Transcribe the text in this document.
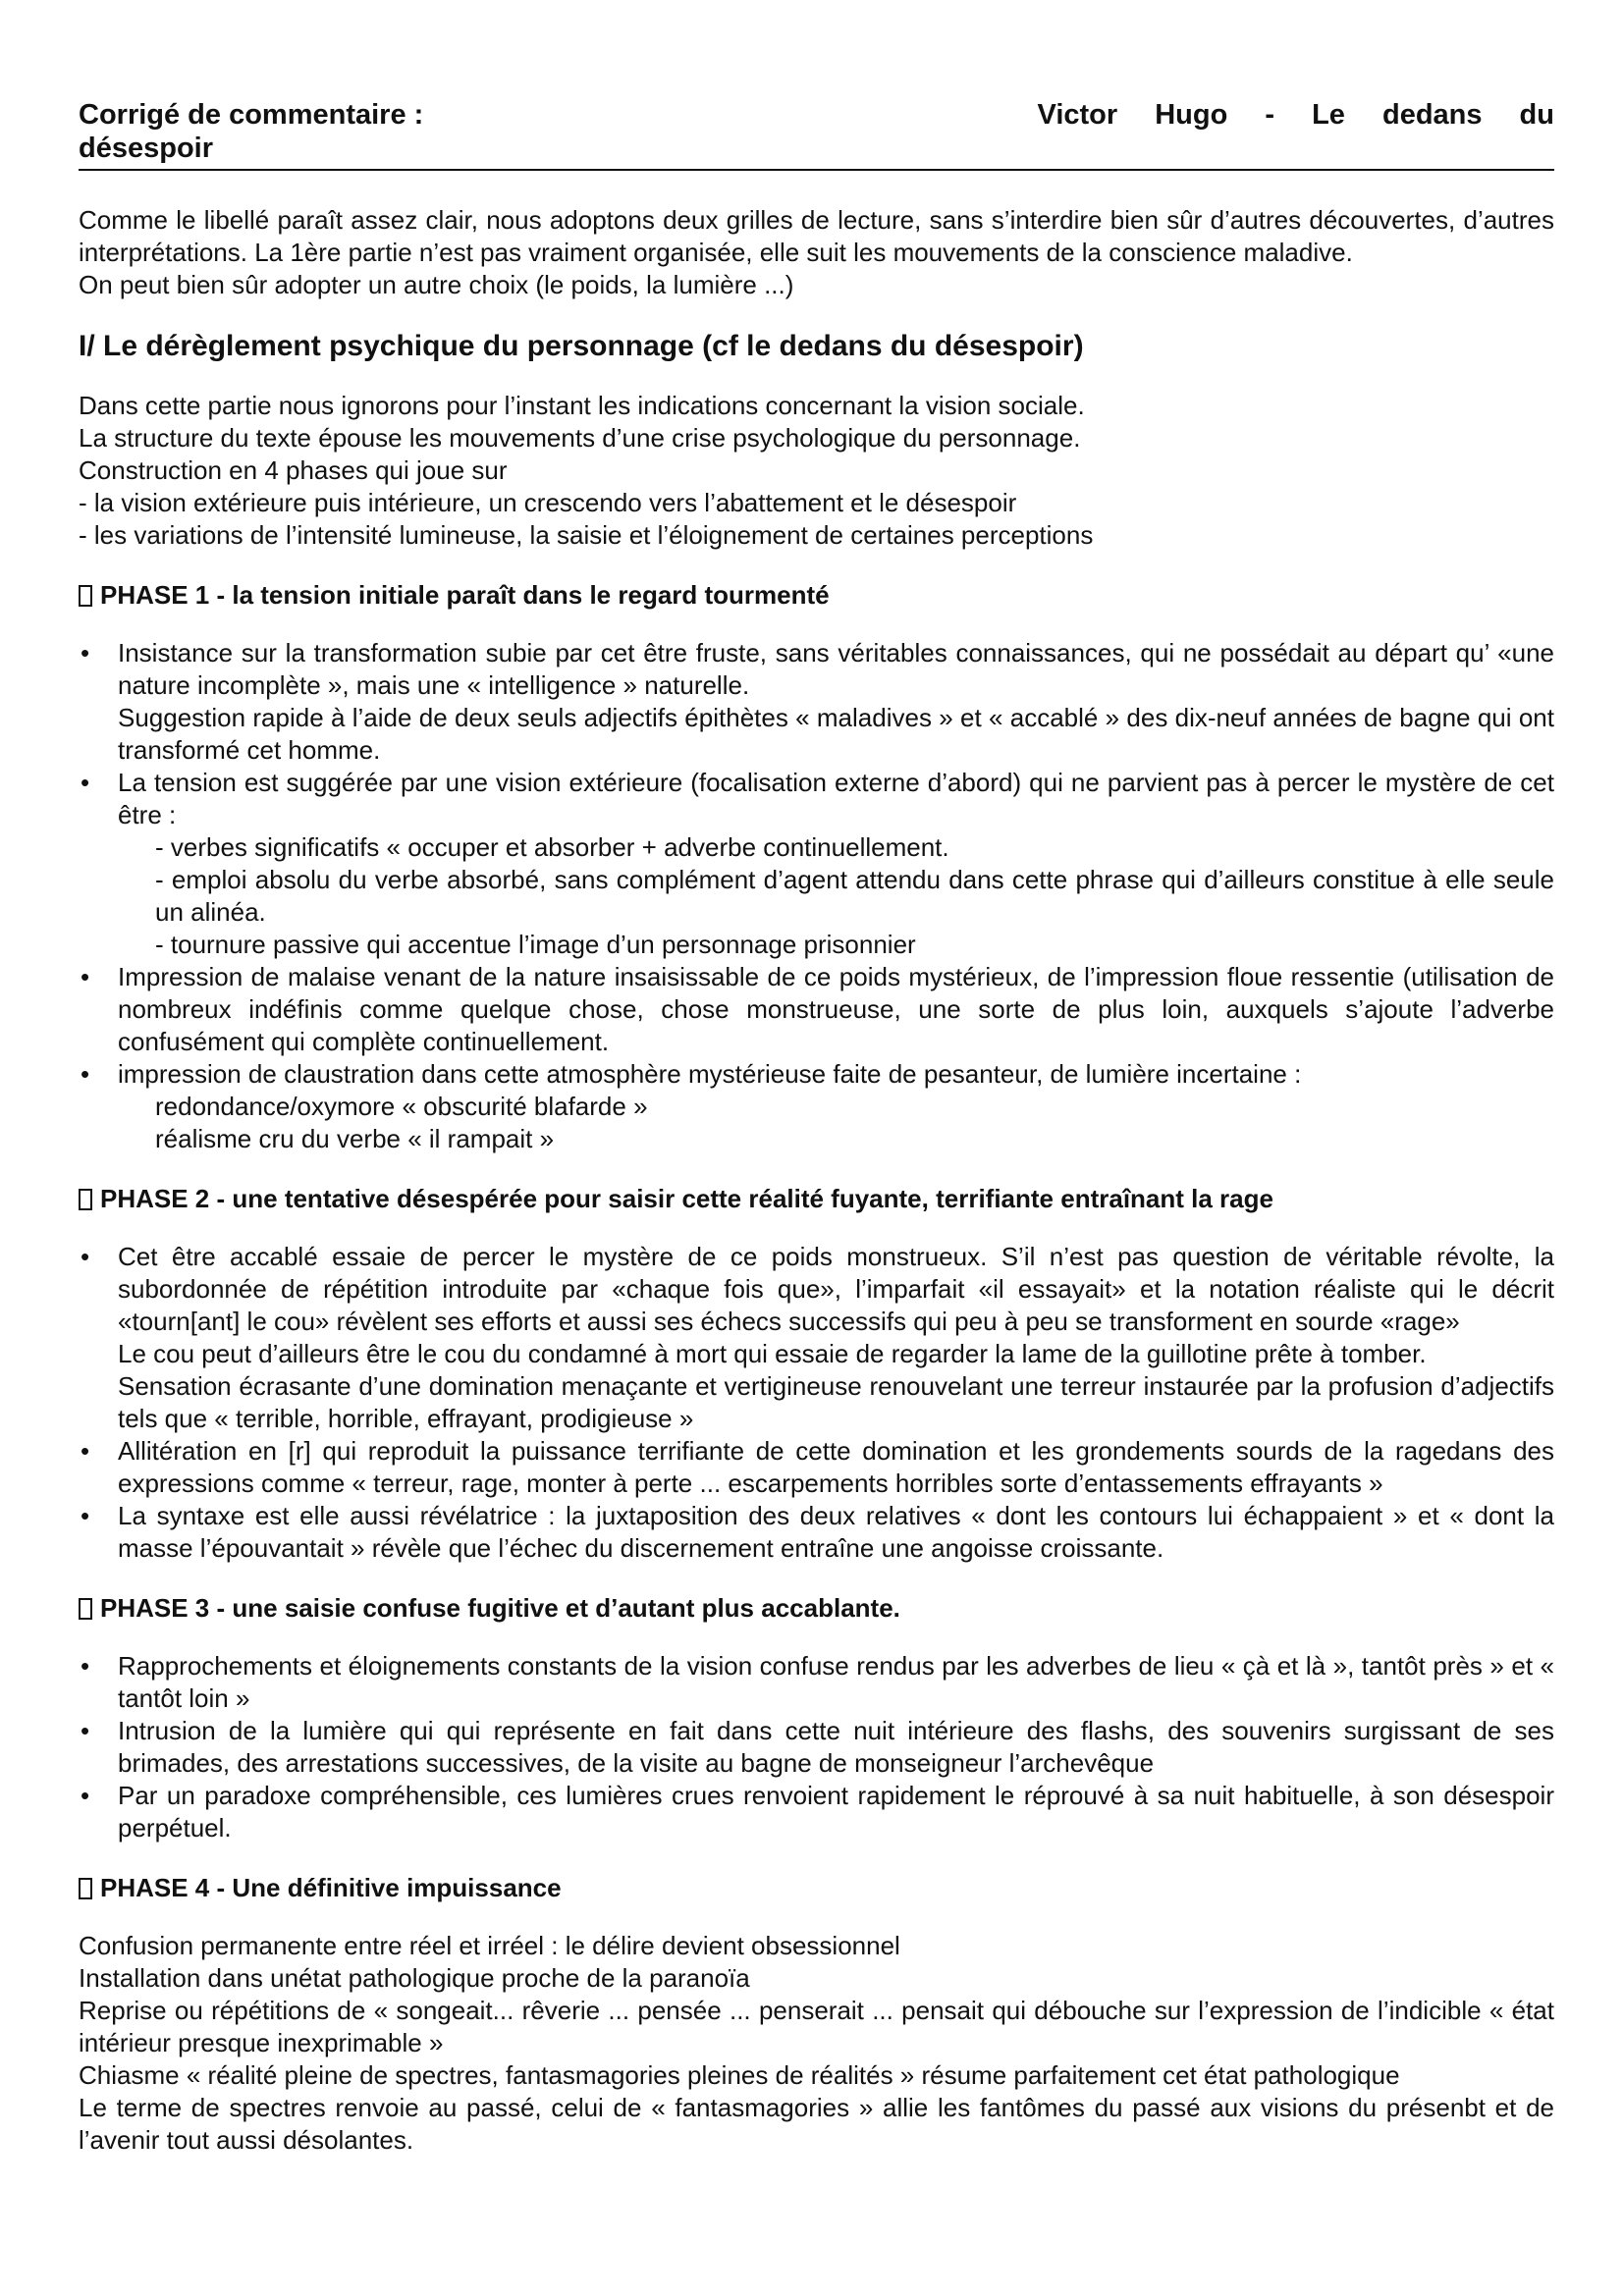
Corrigé de commentaire :	Victor Hugo - Le dedans du
désespoir

Comme le libellé paraît assez clair, nous adoptons deux grilles de lecture, sans s’interdire bien sûr d’autres découvertes, d’autres interprétations. La 1ère partie n’est pas vraiment organisée, elle suit les mouvements de la conscience maladive.

On peut bien sûr adopter un autre choix (le poids, la lumière ...)

I/ Le dérèglement psychique du personnage (cf le dedans du désespoir)
Dans cette partie nous ignorons pour l’instant les indications concernant la vision sociale.
La structure du texte épouse les mouvements d’une crise psychologique du personnage.
Construction en 4 phases qui joue sur
- la vision extérieure puis intérieure, un crescendo vers l’abattement et le désespoir
- les variations de l’intensité lumineuse, la saisie et l’éloignement de certaines perceptions
PHASE 1 - la tension initiale paraît dans le regard tourmenté
• Insistance sur la transformation subie par cet être fruste, sans véritables connaissances, qui ne possédait au départ qu’ «une nature incomplète », mais une « intelligence » naturelle.
Suggestion rapide à l’aide de deux seuls adjectifs épithètes « maladives » et « accablé » des dix-neuf années de bagne qui ont transformé cet homme.
• La tension est suggérée par une vision extérieure (focalisation externe d’abord) qui ne parvient pas à percer le mystère de cet être :
- verbes significatifs « occuper et absorber + adverbe continuellement.
- emploi absolu du verbe absorbé, sans complément d’agent attendu dans cette phrase qui d’ailleurs constitue à elle seule un alinéa.
- tournure passive qui accentue l’image d’un personnage prisonnier
• Impression de malaise venant de la nature insaisissable de ce poids mystérieux, de l’impression floue ressentie (utilisation de nombreux indéfinis comme quelque chose, chose monstrueuse, une sorte de plus loin, auxquels s’ajoute l’adverbe confusément qui complète continuellement.
• impression de claustration dans cette atmosphère mystérieuse faite de pesanteur, de lumière incertaine :
redondance/oxymore « obscurité blafarde »
réalisme cru du verbe « il rampait »
PHASE 2 - une tentative désespérée pour saisir cette réalité fuyante, terrifiante entraînant la rage
• Cet être accablé essaie de percer le mystère de ce poids monstrueux. S’il n’est pas question de véritable révolte, la subordonnée de répétition introduite par «chaque fois que», l’imparfait «il essayait» et la notation réaliste qui le décrit «tourn[ant] le cou» révèlent ses efforts et aussi ses échecs successifs qui peu à peu se transforment en sourde «rage»
Le cou peut d’ailleurs être le cou du condamné à mort qui essaie de regarder la lame de la guillotine prête à tomber.
Sensation écrasante d’une domination menaçante et vertigineuse renouvelant une terreur instaurée par la profusion d’adjectifs tels que « terrible, horrible, effrayant, prodigieuse »
• Allitération en [r] qui reproduit la puissance terrifiante de cette domination et les grondements sourds de la ragedans des expressions comme « terreur, rage, monter à perte ... escarpements horribles sorte d’entassements effrayants »
• La syntaxe est elle aussi révélatrice : la juxtaposition des deux relatives « dont les contours lui échappaient » et « dont la masse l’épouvantait » révèle que l’échec du discernement entraîne une angoisse croissante.
PHASE 3 - une saisie confuse fugitive et d’autant plus accablante.
• Rapprochements et éloignements constants de la vision confuse rendus par les adverbes de lieu « çà et là », tantôt près » et « tantôt loin »
• Intrusion de la lumière qui qui représente en fait dans cette nuit intérieure des flashs, des souvenirs surgissant de ses brimades, des arrestations successives, de la visite au bagne de monseigneur l’archevêque
• Par un paradoxe compréhensible, ces lumières crues renvoient rapidement le réprouvé à sa nuit habituelle, à son désespoir perpétuel.
PHASE 4 - Une définitive impuissance
Confusion permanente entre réel et irréel : le délire devient obsessionnel
Installation dans unétat pathologique proche de la paranoïa
Reprise ou répétitions de « songeait... rêverie ... pensée ... penserait ... pensait qui débouche sur l’expression de l’indicible « état intérieur presque inexprimable »
Chiasme « réalité pleine de spectres, fantasmagories pleines de réalités » résume parfaitement cet état pathologique
Le terme de spectres renvoie au passé, celui de « fantasmagories » allie les fantômes du passé aux visions du présenbt et de l’avenir tout aussi désolantes.
